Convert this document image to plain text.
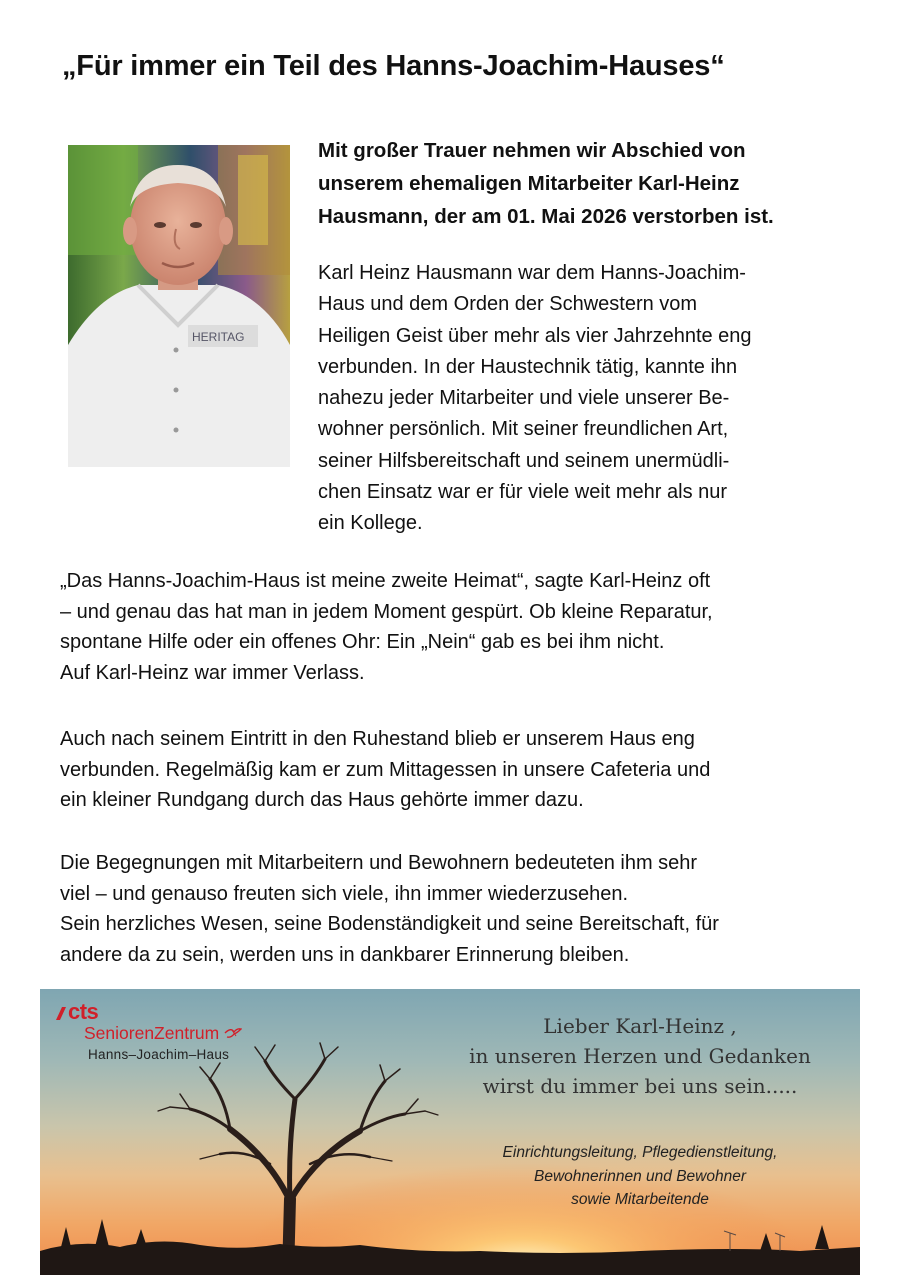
„Für immer ein Teil des Hanns-Joachim-Hauses“
HERITAG
Mit großer Trauer nehmen wir Abschied von
unserem ehemaligen Mitarbeiter Karl-Heinz
Hausmann, der am 01. Mai 2026 verstorben ist.
Karl Heinz Hausmann war dem Hanns-Joachim-
Haus und dem Orden der Schwestern vom
Heiligen Geist über mehr als vier Jahrzehnte eng
verbunden. In der Haustechnik tätig, kannte ihn
nahezu jeder Mitarbeiter und viele unserer Be-
wohner persönlich. Mit seiner freundlichen Art,
seiner Hilfsbereitschaft und seinem unermüdli-
chen Einsatz war er für viele weit mehr als nur
ein Kollege.
„Das Hanns-Joachim-Haus ist meine zweite Heimat“, sagte Karl-Heinz oft
– und genau das hat man in jedem Moment gespürt. Ob kleine Reparatur,
spontane Hilfe oder ein offenes Ohr: Ein „Nein“ gab es bei ihm nicht.
Auf Karl-Heinz war immer Verlass.
Auch nach seinem Eintritt in den Ruhestand blieb er unserem Haus eng
verbunden. Regelmäßig kam er zum Mittagessen in unsere Cafeteria und
ein kleiner Rundgang durch das Haus gehörte immer dazu.
Die Begegnungen mit Mitarbeitern und Bewohnern bedeuteten ihm sehr
viel – und genauso freuten sich viele, ihn immer wiederzusehen.
Sein herzliches Wesen, seine Bodenständigkeit und seine Bereitschaft, für
andere da zu sein, werden uns in dankbarer Erinnerung bleiben.
cts
SeniorenZentrum
Hanns–Joachim–Haus
Lieber Karl-Heinz ,
in unseren Herzen und Gedanken
wirst du immer bei uns sein.....
Einrichtungsleitung, Pflegedienstleitung,
Bewohnerinnen und Bewohner
sowie Mitarbeitende
